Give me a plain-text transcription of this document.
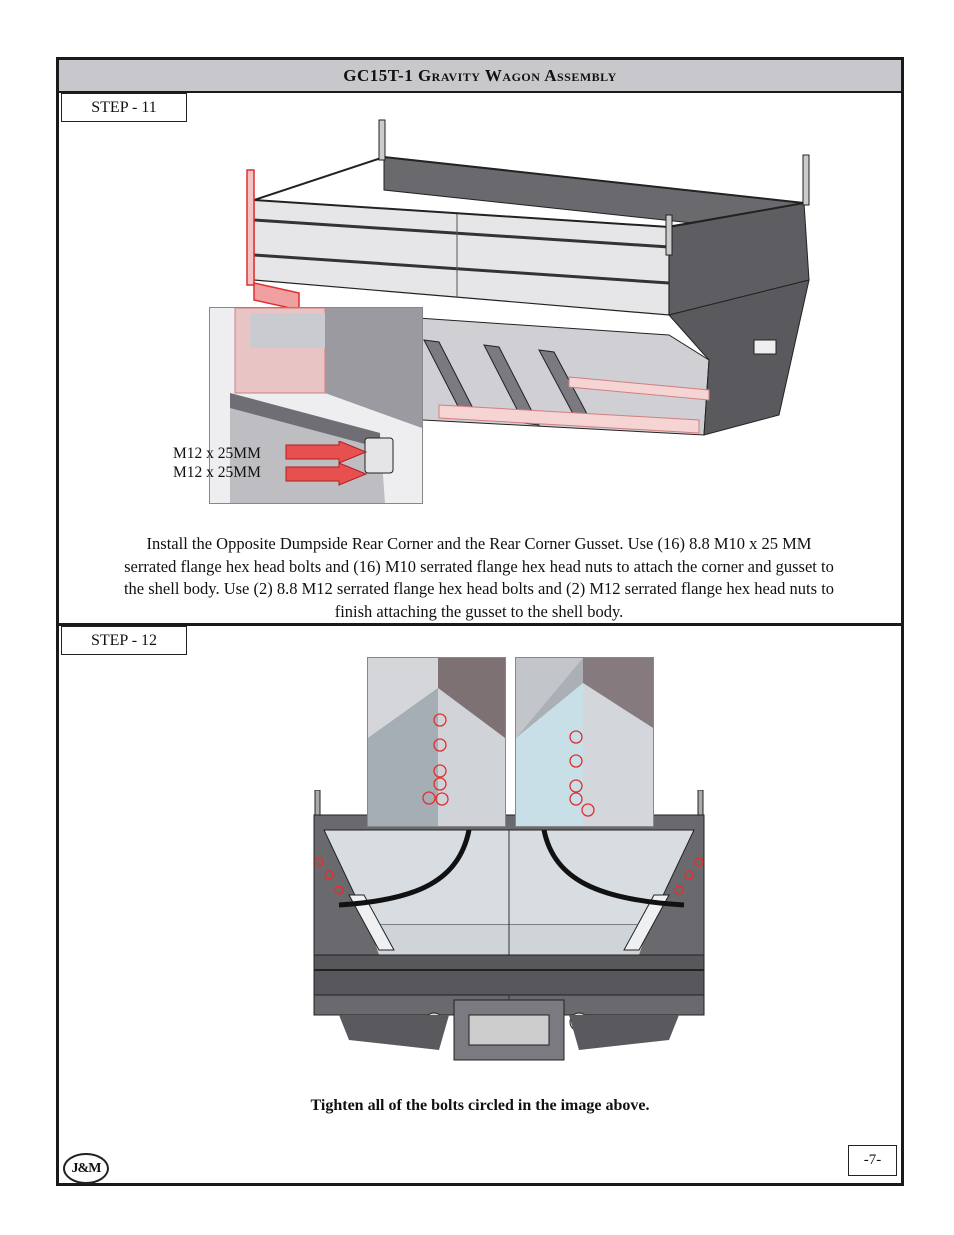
GC15T-1 Gravity Wagon Assembly
STEP - 11
M12 x 25MM
M12 x 25MM
Install the Opposite Dumpside Rear Corner and the Rear Corner Gusset. Use (16) 8.8 M10 x 25 MM serrated flange hex head bolts and (16) M10 serrated flange hex head nuts to attach the corner and gusset to the shell body. Use (2) 8.8 M12 serrated flange hex head bolts and (2) M12 serrated flange hex head nuts to finish attaching the gusset to the shell body.
STEP - 12
Tighten all of the bolts circled in the image above.
J&M	-7-
